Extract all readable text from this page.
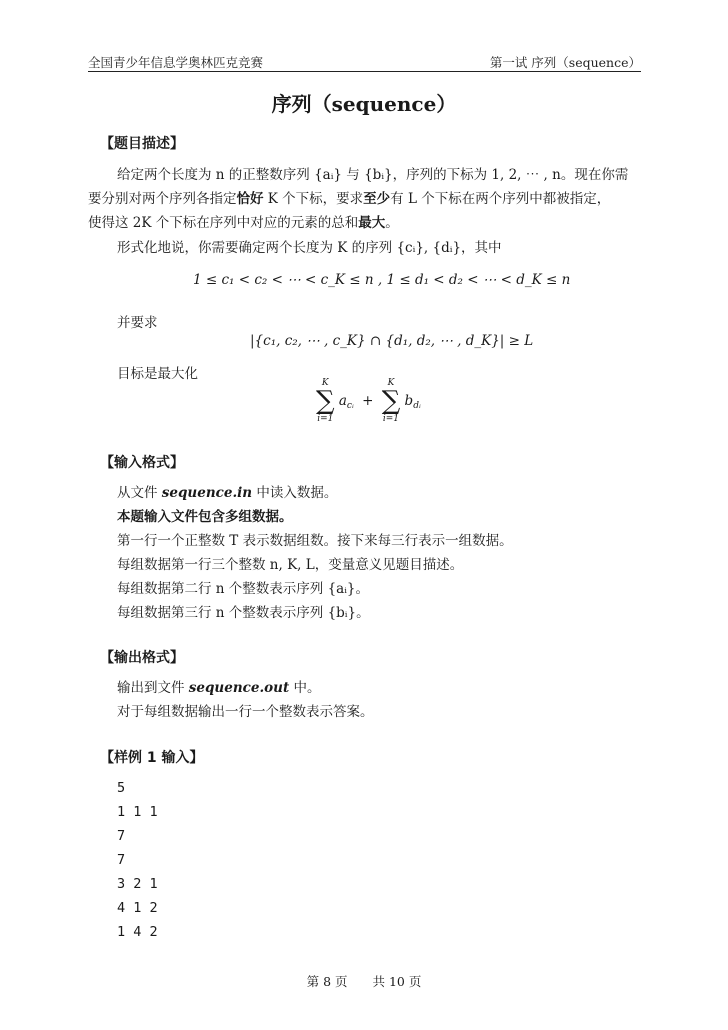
全国青少年信息学奥林匹克竞赛	第一试 序列（sequence）
序列（sequence）
【题目描述】
给定两个长度为 n 的正整数序列 {aᵢ} 与 {bᵢ}，序列的下标为 1, 2, ⋯ , n。现在你需
要分别对两个序列各指定恰好 K 个下标，要求至少有 L 个下标在两个序列中都被指定，
使得这 2K 个下标在序列中对应的元素的总和最大。
形式化地说，你需要确定两个长度为 K 的序列 {cᵢ}, {dᵢ}，其中
1 ≤ c₁ < c₂ < ⋯ < c_K ≤ n , 1 ≤ d₁ < d₂ < ⋯ < d_K ≤ n
并要求
|{c₁, c₂, ⋯ , c_K} ∩ {d₁, d₂, ⋯ , d_K}| ≥ L
目标是最大化
K
∑
i=1
$a_{cᵢ}$ +
K
∑
i=1
$b_{dᵢ}$
【输入格式】
从文件 sequence.in 中读入数据。
本题输入文件包含多组数据。
第一行一个正整数 T 表示数据组数。接下来每三行表示一组数据。
每组数据第一行三个整数 n, K, L，变量意义见题目描述。
每组数据第二行 n 个整数表示序列 {aᵢ}。
每组数据第三行 n 个整数表示序列 {bᵢ}。
【输出格式】
输出到文件 sequence.out 中。
对于每组数据输出一行一个整数表示答案。
【样例 1 输入】
5
1 1 1
7
7
3 2 1
4 1 2
1 4 2
第 8 页　　共 10 页
